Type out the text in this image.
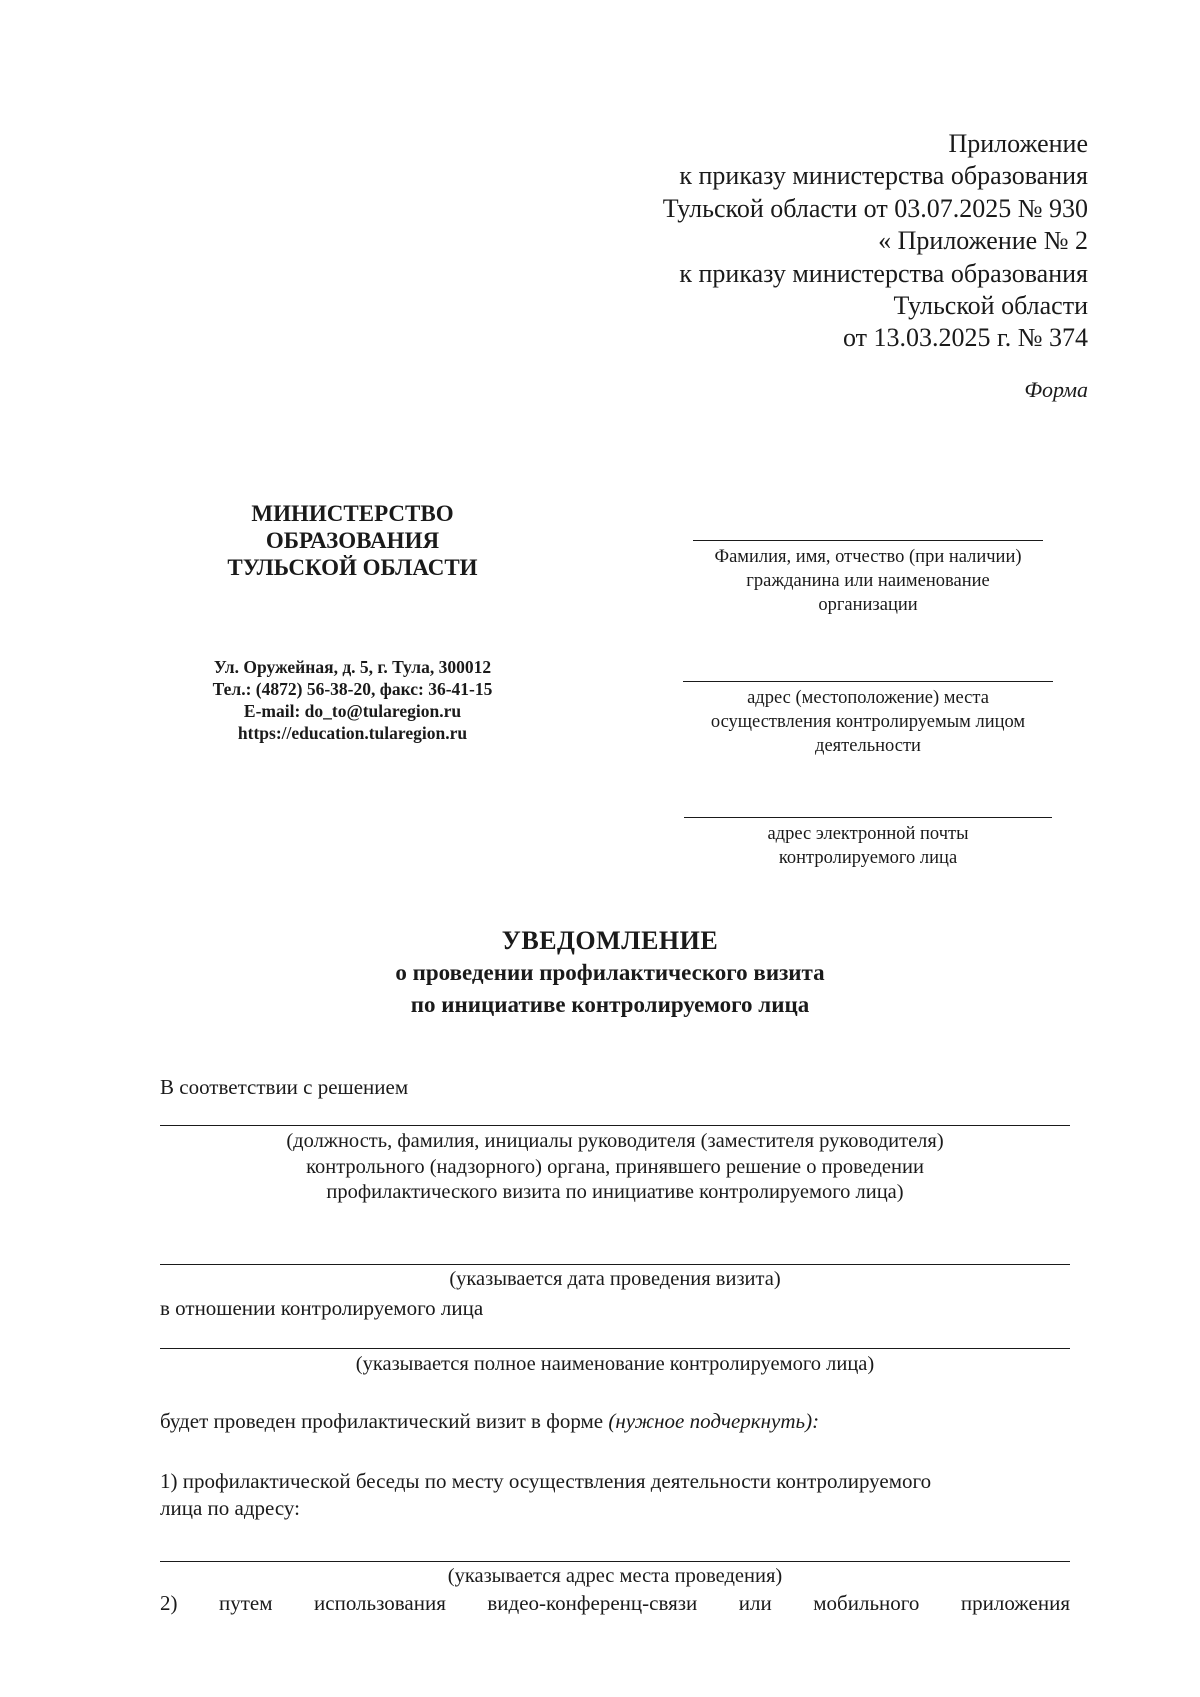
Приложение
к приказу министерства образования
Тульской области от 03.07.2025 № 930
« Приложение № 2
к приказу министерства образования
Тульской области
от 13.03.2025 г. № 374
Форма
МИНИСТЕРСТВО
ОБРАЗОВАНИЯ
ТУЛЬСКОЙ ОБЛАСТИ
Ул. Оружейная, д. 5, г. Тула, 300012
Тел.: (4872) 56-38-20, факс: 36-41-15
E-mail: do_to@tularegion.ru
https://education.tularegion.ru
Фамилия, имя, отчество (при наличии)
гражданина или наименование
организации
адрес (местоположение) места
осуществления контролируемым лицом
деятельности
адрес электронной почты
контролируемого лица
УВЕДОМЛЕНИЕ
о проведении профилактического визита
по инициативе контролируемого лица
В соответствии с решением
(должность, фамилия, инициалы руководителя (заместителя руководителя)
контрольного (надзорного) органа, принявшего решение о проведении
профилактического визита по инициативе контролируемого лица)
(указывается дата проведения визита)
в отношении контролируемого лица
(указывается полное наименование контролируемого лица)
будет проведен профилактический визит в форме (нужное подчеркнуть):
1) профилактической беседы по месту осуществления деятельности контролируемого
лица по адресу:
(указывается адрес места проведения)
2) путем использования видео-конференц-связи или мобильного приложения
